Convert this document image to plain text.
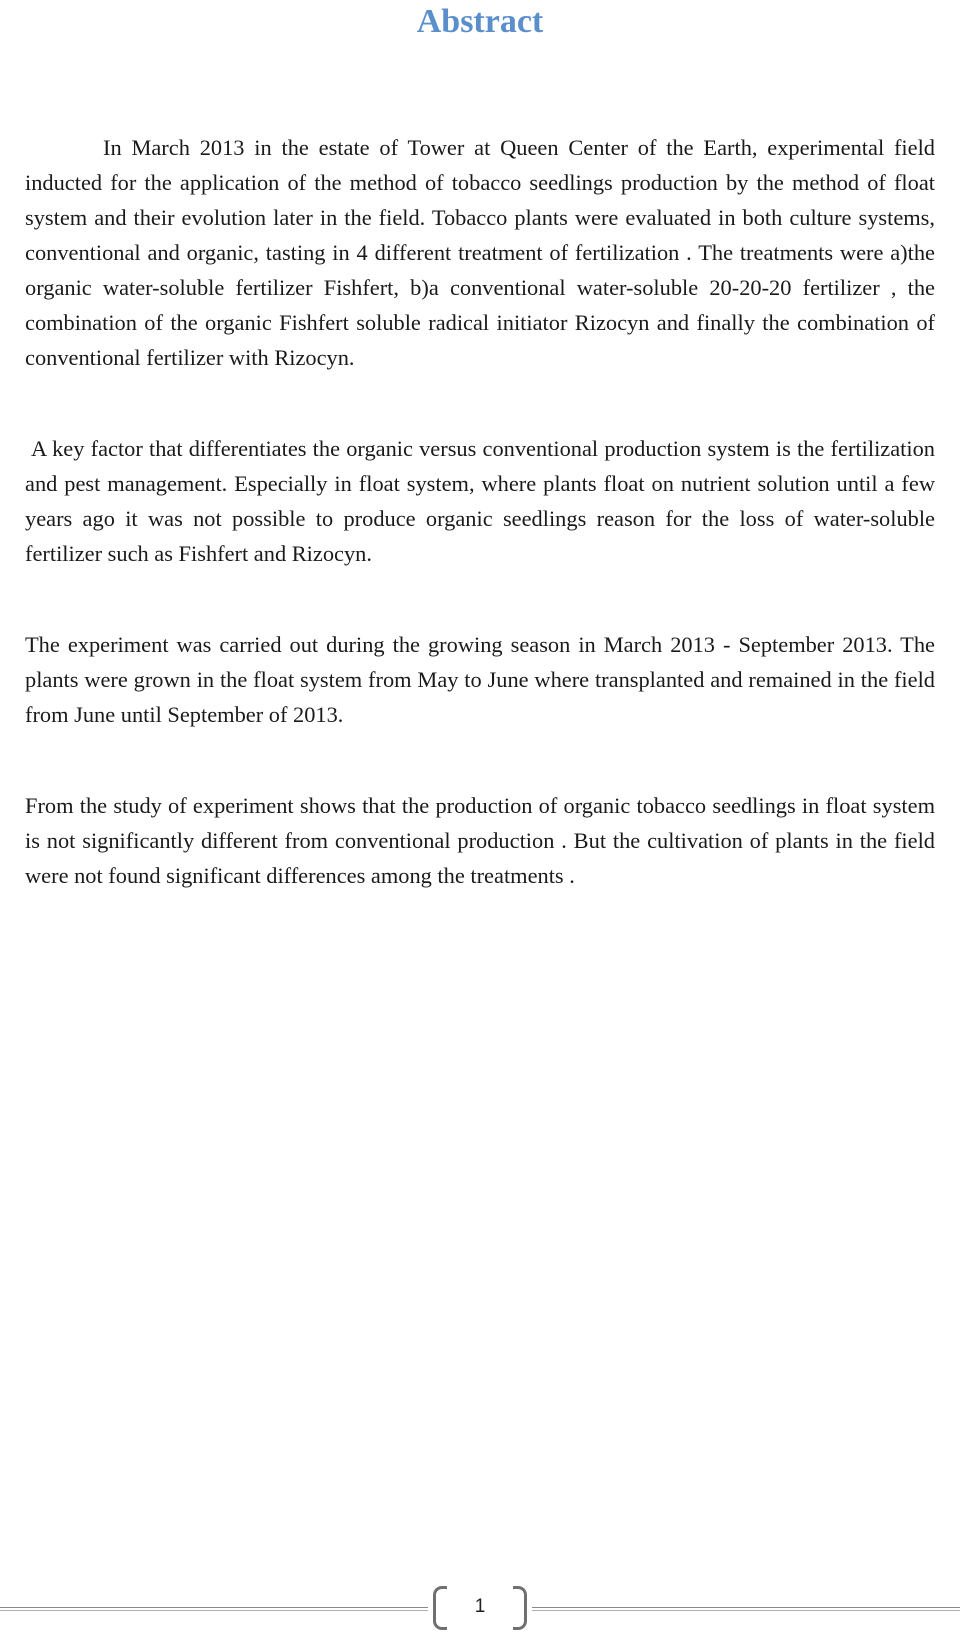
Abstract

In March 2013 in the estate of Tower at Queen Center of the Earth, experimental field inducted for the application of the method of tobacco seedlings production by the method of float system and their evolution later in the field. Tobacco plants were evaluated in both culture systems, conventional and organic, tasting in 4 different treatment of fertilization . The treatments were a)the organic water-soluble fertilizer Fishfert, b)a conventional water-soluble 20-20-20 fertilizer , the combination of the organic Fishfert soluble radical initiator Rizocyn and finally the combination of conventional fertilizer with Rizocyn.

A key factor that differentiates the organic versus conventional production system is the fertilization and pest management. Especially in float system, where plants float on nutrient solution until a few years ago it was not possible to produce organic seedlings reason for the loss of water-soluble fertilizer such as Fishfert and Rizocyn.

The experiment was carried out during the growing season in March 2013 - September 2013. The plants were grown in the float system from May to June where transplanted and remained in the field from June until September of 2013.

From the study of experiment shows that the production of organic tobacco seedlings in float system is not significantly different from conventional production . But the cultivation of plants in the field were not found significant differences among the treatments .

1
